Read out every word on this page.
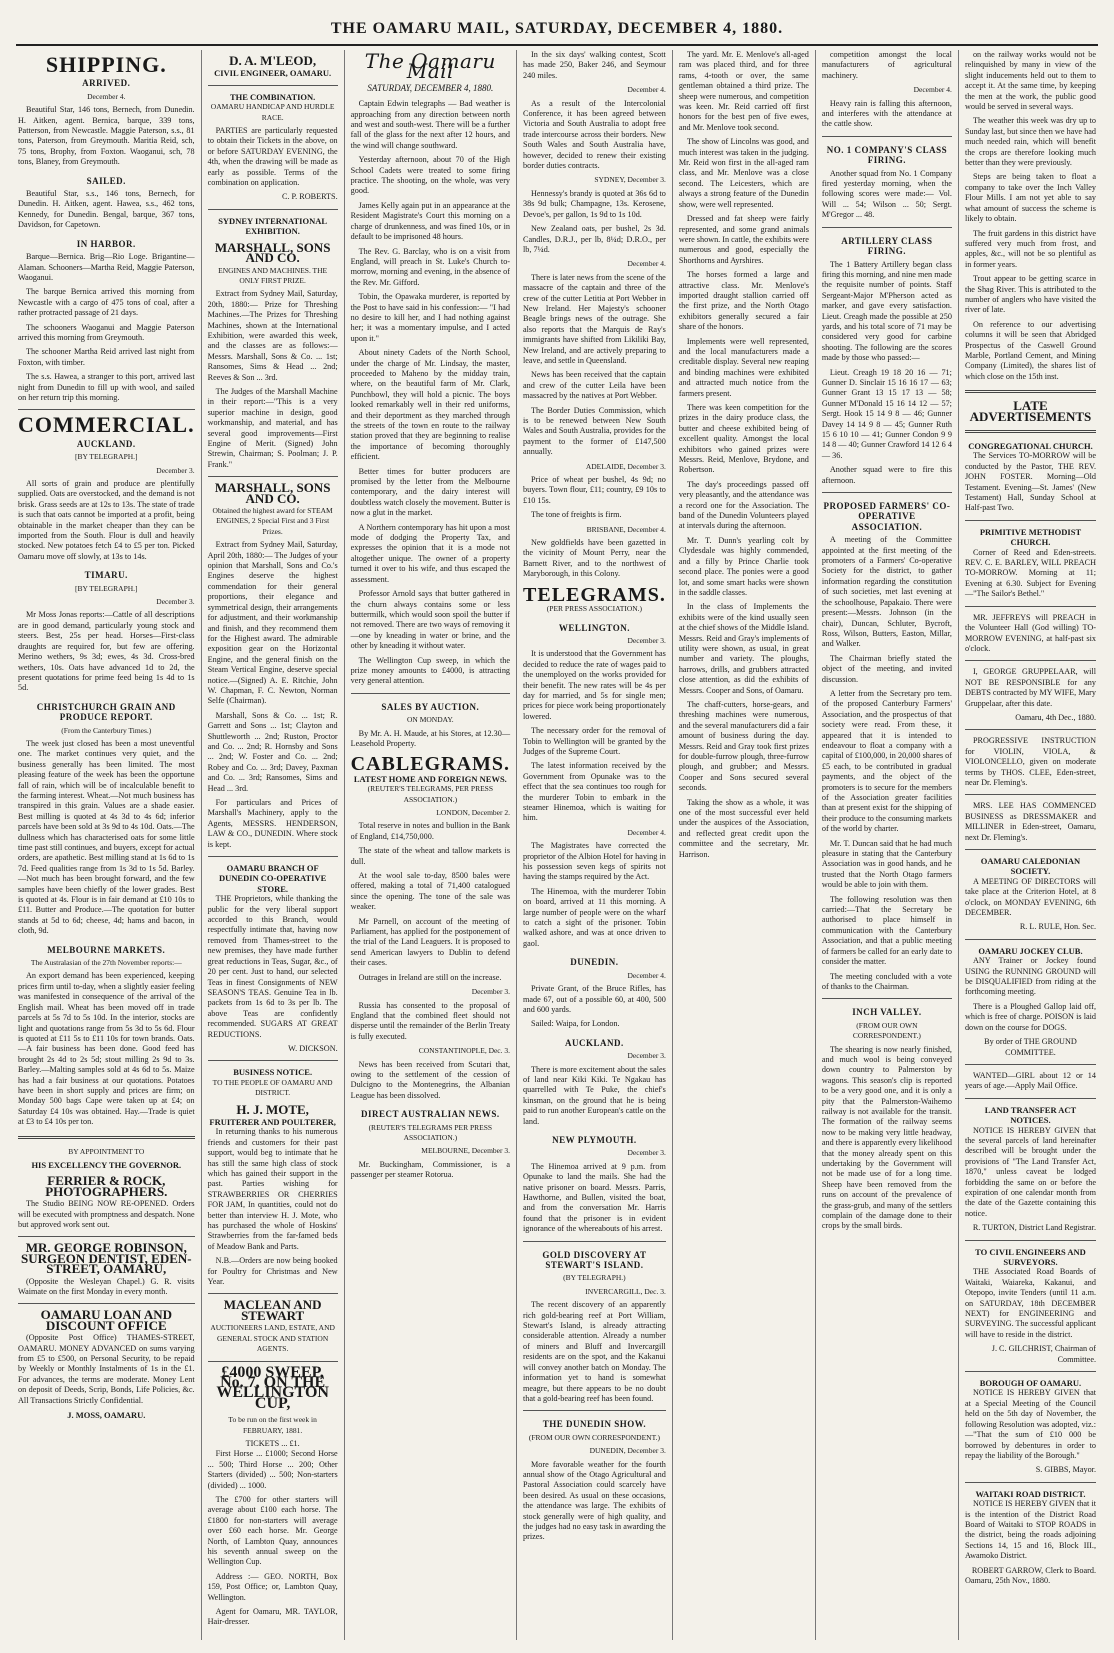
THE OAMARU MAIL, SATURDAY, DECEMBER 4, 1880.
SHIPPING.
ARRIVED.
December 4.

Beautiful Star, 146 tons, Bernech, from Dunedin. H. Aitken, agent. Bernica, barque, 339 tons, Patterson, from Newcastle. Maggie Paterson, s.s., 81 tons, Paterson, from Greymouth. Maritia Reid, sch, 75 tons, Brophy, from Foxton. Waoganui, sch, 78 tons, Blaney, from Greymouth.

SAILED.

Beautiful Star, s.s., 146 tons, Bernech, for Dunedin. H. Aitken, agent. Hawea, s.s., 462 tons, Kennedy, for Dunedin. Bengal, barque, 367 tons, Davidson, for Capetown.

IN HARBOR.

Barque—Bernica. Brig—Rio Loge. Brigantine—Alaman. Schooners—Martha Reid, Maggie Paterson, Waoganui.

The barque Bernica arrived this morning from Newcastle with a cargo of 475 tons of coal, after a rather protracted passage of 21 days.

The schooners Waoganui and Maggie Paterson arrived this morning from Greymouth.

The schooner Martha Reid arrived last night from Foxton, with timber.

The s.s. Hawea, a stranger to this port, arrived last night from Dunedin to fill up with wool, and sailed on her return trip this morning.

COMMERCIAL.
AUCKLAND.
[BY TELEGRAPH.]
December 3.

All sorts of grain and produce are plentifully supplied. Oats are overstocked, and the demand is not brisk. Grass seeds are at 12s to 13s. The state of trade is such that oats cannot be imported at a profit, being obtainable in the market cheaper than they can be imported from the South. Flour is dull and heavily stocked. New potatoes fetch £4 to £5 per ton. Picked Oamaru move off slowly, at 13s to 14s.

TIMARU.
[BY TELEGRAPH.]
December 3.

Mr Moss Jonas reports:—Cattle of all descriptions are in good demand, particularly young stock and steers. Best, 25s per head. Horses—First-class draughts are required for, but few are offering. Merino wethers, 9s 3d; ewes, 4s 3d. Cross-bred wethers, 10s. Oats have advanced 1d to 2d, the present quotations for prime feed being 1s 4d to 1s 5d.

CHRISTCHURCH GRAIN AND PRODUCE REPORT.
(From the Canterbury Times.)

The week just closed has been a most uneventful one. The market continues very quiet, and the business generally has been limited. The most pleasing feature of the week has been the opportune fall of rain, which will be of incalculable benefit to the farming interest. Wheat.—Not much business has transpired in this grain. Values are a shade easier. Best milling is quoted at 4s 3d to 4s 6d; inferior parcels have been sold at 3s 9d to 4s 10d. Oats.—The dullness which has characterised oats for some little time past still continues, and buyers, except for actual orders, are apathetic. Best milling stand at 1s 6d to 1s 7d. Feed qualities range from 1s 3d to 1s 5d. Barley.—Not much has been brought forward, and the few samples have been chiefly of the lower grades. Best is quoted at 4s. Flour is in fair demand at £10 10s to £11. Butter and Produce.—The quotation for butter stands at 5d to 6d; cheese, 4d; hams and bacon, in cloth, 9d.

MELBOURNE MARKETS.
The Australasian of the 27th November reports:—

An export demand has been experienced, keeping prices firm until to-day, when a slightly easier feeling was manifested in consequence of the arrival of the English mail. Wheat has been moved off in trade parcels at 5s 7d to 5s 10d. In the interior, stocks are light and quotations range from 5s 3d to 5s 6d. Flour is quoted at £11 5s to £11 10s for town brands. Oats.—A fair business has been done. Good feed has brought 2s 4d to 2s 5d; stout milling 2s 9d to 3s. Barley.—Malting samples sold at 4s 6d to 5s. Maize has had a fair business at our quotations. Potatoes have been in short supply and prices are firm; on Monday 500 bags Cape were taken up at £4; on Saturday £4 10s was obtained. Hay.—Trade is quiet at £3 to £4 10s per ton.

BY APPOINTMENT TO
HIS EXCELLENCY THE GOVERNOR.
FERRIER & ROCK, PHOTOGRAPHERS.

The Studio BEING NOW RE-OPENED. Orders will be executed with promptness and despatch. None but approved work sent out.

MR. GEORGE ROBINSON, SURGEON DENTIST, EDEN-STREET, OAMARU,

(Opposite the Wesleyan Chapel.) G. R. visits Waimate on the first Monday in every month.

OAMARU LOAN AND DISCOUNT OFFICE

(Opposite Post Office) THAMES-STREET, OAMARU. MONEY ADVANCED on sums varying from £5 to £500, on Personal Security, to be repaid by Weekly or Monthly Instalments of 1s in the £1. For advances, the terms are moderate. Money Lent on deposit of Deeds, Scrip, Bonds, Life Policies, &c. All Transactions Strictly Confidential.

J. MOSS, OAMARU.
D. A. M'LEOD,
CIVIL ENGINEER, OAMARU.
THE COMBINATION.
OAMARU HANDICAP AND HURDLE RACE.

PARTIES are particularly requested to obtain their Tickets in the above, on or before SATURDAY EVENING, the 4th, when the drawing will be made as early as possible. Terms of the combination on application.

C. P. ROBERTS.
SYDNEY INTERNATIONAL EXHIBITION.
MARSHALL, SONS AND CO.
ENGINES AND MACHINES. THE ONLY FIRST PRIZE.

Extract from Sydney Mail, Saturday, 20th, 1880:— Prize for Threshing Machines.—The Prizes for Threshing Machines, shown at the International Exhibition, were awarded this week, and the classes are as follows:— Messrs. Marshall, Sons & Co. ... 1st; Ransomes, Sims & Head ... 2nd; Reeves & Son ... 3rd.

The Judges of the Marshall Machine in their report:—"This is a very superior machine in design, good workmanship, and material, and has several good improvements—First Engine of Merit. (Signed) John Strewin, Chairman; S. Poolman; J. P. Frank."

MARSHALL, SONS AND CO.
Obtained the highest award for STEAM ENGINES, 2 Special First and 3 First Prizes.

Extract from Sydney Mail, Saturday, April 20th, 1880:— The Judges of your opinion that Marshall, Sons and Co.'s Engines deserve the highest commendation for their general proportions, their elegance and symmetrical design, their arrangements for adjustment, and their workmanship and finish, and they recommend them for the Highest award. The admirable exposition gear on the Horizontal Engine, and the general finish on the Steam Vertical Engine, deserve special notice.—(Signed) A. E. Ritchie, John W. Chapman, F. C. Newton, Norman Selfe (Chairman).

Marshall, Sons & Co. ... 1st; R. Garrett and Sons ... 1st; Clayton and Shuttleworth ... 2nd; Ruston, Proctor and Co. ... 2nd; R. Hornsby and Sons ... 2nd; W. Foster and Co. ... 2nd; Robey and Co. ... 3rd; Davey, Paxman and Co. ... 3rd; Ransomes, Sims and Head ... 3rd.

For particulars and Prices of Marshall's Machinery, apply to the Agents, MESSRS. HENDERSON, LAW & CO., DUNEDIN. Where stock is kept.

OAMARU BRANCH OF DUNEDIN CO-OPERATIVE STORE.

THE Proprietors, while thanking the public for the very liberal support accorded to this Branch, would respectfully intimate that, having now removed from Thames-street to the new premises, they have made further great reductions in Teas, Sugar, &c., of 20 per cent. Just to hand, our selected Teas in finest Consignments of NEW SEASON'S TEAS. Genuine Tea in lb. packets from 1s 6d to 3s per lb. The above Teas are confidently recommended. SUGARS AT GREAT REDUCTIONS.

W. DICKSON.
BUSINESS NOTICE.
TO THE PEOPLE OF OAMARU AND DISTRICT.
H. J. MOTE,
FRUITERER AND POULTERER,

In returning thanks to his numerous friends and customers for their past support, would beg to intimate that he has still the same high class of stock which has gained their support in the past. Parties wishing for STRAWBERRIES OR CHERRIES FOR JAM, In quantities, could not do better than interview H. J. Mote, who has purchased the whole of Hoskins' Strawberries from the far-famed beds of Meadow Bank and Parts.

N.B.—Orders are now being booked for Poultry for Christmas and New Year.

MACLEAN AND STEWART
AUCTIONEERS LAND, ESTATE, AND GENERAL STOCK AND STATION AGENTS.
£4000 SWEEP, No. 7, ON THE WELLINGTON CUP,
To be run on the first week in FEBRUARY, 1881.
TICKETS ... £1.

First Horse ... £1000; Second Horse ... 500; Third Horse ... 200; Other Starters (divided) ... 500; Non-starters (divided) ... 1000.

The £700 for other starters will average about £100 each horse. The £1800 for non-starters will average over £60 each horse. Mr. George North, of Lambton Quay, announces his seventh annual sweep on the Wellington Cup.

Address :— GEO. NORTH, Box 159, Post Office; or, Lambton Quay, Wellington.

Agent for Oamaru, MR. TAYLOR, Hair-dresser.

The Oamaru Mail
SATURDAY, DECEMBER 4, 1880.

Captain Edwin telegraphs — Bad weather is approaching from any direction between north and west and south-west. There will be a further fall of the glass for the next after 12 hours, and the wind will change southward.

Yesterday afternoon, about 70 of the High School Cadets were treated to some firing practice. The shooting, on the whole, was very good.

James Kelly again put in an appearance at the Resident Magistrate's Court this morning on a charge of drunkenness, and was fined 10s, or in default to be imprisoned 48 hours.

The Rev. G. Barclay, who is on a visit from England, will preach in St. Luke's Church to-morrow, morning and evening, in the absence of the Rev. Mr. Gifford.

Tobin, the Opawaka murderer, is reported by the Post to have said in his confession:— "I had no desire to kill her, and I had nothing against her; it was a momentary impulse, and I acted upon it."

About ninety Cadets of the North School, under the charge of Mr. Lindsay, the master, proceeded to Maheno by the midday train, where, on the beautiful farm of Mr. Clark, Punchbowl, they will hold a picnic. The boys looked remarkably well in their red uniforms, and their deportment as they marched through the streets of the town en route to the railway station proved that they are beginning to realise the importance of becoming thoroughly efficient.

Better times for butter producers are promised by the letter from the Melbourne contemporary, and the dairy interest will doubtless watch closely the movement. Butter is now a glut in the market.

A Northern contemporary has hit upon a most mode of dodging the Property Tax, and expresses the opinion that it is a mode not altogether unique. The owner of a property turned it over to his wife, and thus escaped the assessment.

Professor Arnold says that butter gathered in the churn always contains some or less buttermilk, which would soon spoil the butter if not removed. There are two ways of removing it—one by kneading in water or brine, and the other by kneading it without water.

The Wellington Cup sweep, in which the prize money amounts to £4000, is attracting very general attention.

SALES BY AUCTION.
ON MONDAY.

By Mr. A. H. Maude, at his Stores, at 12.30—Leasehold Property.

CABLEGRAMS.
LATEST HOME AND FOREIGN NEWS.
(REUTER'S TELEGRAMS, PER PRESS ASSOCIATION.)
LONDON, December 2.

Total reserve in notes and bullion in the Bank of England, £14,750,000.

The state of the wheat and tallow markets is dull.

At the wool sale to-day, 8500 bales were offered, making a total of 71,400 catalogued since the opening. The tone of the sale was weaker.

Mr Parnell, on account of the meeting of Parliament, has applied for the postponement of the trial of the Land Leaguers. It is proposed to send American lawyers to Dublin to defend their cases.

Outrages in Ireland are still on the increase.

December 3.

Russia has consented to the proposal of England that the combined fleet should not disperse until the remainder of the Berlin Treaty is fully executed.

CONSTANTINOPLE, Dec. 3.

News has been received from Scutari that, owing to the settlement of the cession of Dulcigno to the Montenegrins, the Albanian League has been dissolved.

DIRECT AUSTRALIAN NEWS.
(REUTER'S TELEGRAMS PER PRESS ASSOCIATION.)
MELBOURNE, December 3.

Mr. Buckingham, Commissioner, is a passenger per steamer Rotorua.

In the six days' walking contest, Scott has made 250, Baker 246, and Seymour 240 miles.

December 4.

As a result of the Intercolonial Conference, it has been agreed between Victoria and South Australia to adopt free trade intercourse across their borders. New South Wales and South Australia have, however, decided to renew their existing border duties contracts.

SYDNEY, December 3.

Hennessy's brandy is quoted at 36s 6d to 38s 9d bulk; Champagne, 13s. Kerosene, Devoe's, per gallon, 1s 9d to 1s 10d.

New Zealand oats, per bushel, 2s 3d. Candles, D.R.J., per lb, 8¼d; D.R.O., per lb, 7¼d.

December 4.

There is later news from the scene of the massacre of the captain and three of the crew of the cutter Letitia at Port Webber in New Ireland. Her Majesty's schooner Beagle brings news of the outrage. She also reports that the Marquis de Ray's immigrants have shifted from Likiliki Bay, New Ireland, and are actively preparing to leave, and settle in Queensland.

News has been received that the captain and crew of the cutter Leila have been massacred by the natives at Port Webber.

The Border Duties Commission, which is to be renewed between New South Wales and South Australia, provides for the payment to the former of £147,500 annually.

ADELAIDE, December 3.

Price of wheat per bushel, 4s 9d; no buyers. Town flour, £11; country, £9 10s to £10 15s.

The tone of freights is firm.

BRISBANE, December 4.

New goldfields have been gazetted in the vicinity of Mount Perry, near the Barnett River, and to the northwest of Maryborough, in this Colony.

TELEGRAMS.
(PER PRESS ASSOCIATION.)
WELLINGTON.
December 3.

It is understood that the Government has decided to reduce the rate of wages paid to the unemployed on the works provided for their benefit. The new rates will be 4s per day for married, and 5s for single men; prices for piece work being proportionately lowered.

The necessary order for the removal of Tobin to Wellington will be granted by the Judges of the Supreme Court.

The latest information received by the Government from Opunake was to the effect that the sea continues too rough for the murderer Tobin to embark in the steamer Hinemoa, which is waiting for him.

December 4.

The Magistrates have corrected the proprietor of the Albion Hotel for having in his possession seven kegs of spirits not having the stamps required by the Act.

The Hinemoa, with the murderer Tobin on board, arrived at 11 this morning. A large number of people were on the wharf to catch a sight of the prisoner. Tobin walked ashore, and was at once driven to gaol.

DUNEDIN.
December 4.

Private Grant, of the Bruce Rifles, has made 67, out of a possible 60, at 400, 500 and 600 yards.

Sailed: Waipa, for London.

AUCKLAND.
December 3.

There is more excitement about the sales of land near Kiki Kiki. Te Ngakau has quarrelled with Te Puke, the chief's kinsman, on the ground that he is being paid to run another European's cattle on the land.

NEW PLYMOUTH.
December 3.

The Hinemoa arrived at 9 p.m. from Opunake to land the mails. She had the native prisoner on board. Messrs. Parris, Hawthorne, and Bullen, visited the boat, and from the conversation Mr. Harris found that the prisoner is in evident ignorance of the whereabouts of his arrest.

GOLD DISCOVERY AT STEWART'S ISLAND.
(BY TELEGRAPH.)
INVERCARGILL, Dec. 3.

The recent discovery of an apparently rich gold-bearing reef at Port William, Stewart's Island, is already attracting considerable attention. Already a number of miners and Bluff and Invercargill residents are on the spot, and the Kakanui will convey another batch on Monday. The information yet to hand is somewhat meagre, but there appears to be no doubt that a gold-bearing reef has been found.

THE DUNEDIN SHOW.
(FROM OUR OWN CORRESPONDENT.)
DUNEDIN, December 3.

More favorable weather for the fourth annual show of the Otago Agricultural and Pastoral Association could scarcely have been desired. As usual on these occasions, the attendance was large. The exhibits of stock generally were of high quality, and the judges had no easy task in awarding the prizes.

The yard. Mr. E. Menlove's all-aged ram was placed third, and for three rams, 4-tooth or over, the same gentleman obtained a third prize. The sheep were numerous, and competition was keen. Mr. Reid carried off first honors for the best pen of five ewes, and Mr. Menlove took second.

The show of Lincolns was good, and much interest was taken in the judging. Mr. Reid won first in the all-aged ram class, and Mr. Menlove was a close second. The Leicesters, which are always a strong feature of the Dunedin show, were well represented.

Dressed and fat sheep were fairly represented, and some grand animals were shown. In cattle, the exhibits were numerous and good, especially the Shorthorns and Ayrshires.

The horses formed a large and attractive class. Mr. Menlove's imported draught stallion carried off the first prize, and the North Otago exhibitors generally secured a fair share of the honors.

Implements were well represented, and the local manufacturers made a creditable display. Several new reaping and binding machines were exhibited and attracted much notice from the farmers present.

There was keen competition for the prizes in the dairy produce class, the butter and cheese exhibited being of excellent quality. Amongst the local exhibitors who gained prizes were Messrs. Reid, Menlove, Brydone, and Robertson.

The day's proceedings passed off very pleasantly, and the attendance was a record one for the Association. The band of the Dunedin Volunteers played at intervals during the afternoon.

Mr. T. Dunn's yearling colt by Clydesdale was highly commended, and a filly by Prince Charlie took second place. The ponies were a good lot, and some smart hacks were shown in the saddle classes.

In the class of Implements the exhibits were of the kind usually seen at the chief shows of the Middle Island. Messrs. Reid and Gray's implements of utility were shown, as usual, in great number and variety. The ploughs, harrows, drills, and grubbers attracted close attention, as did the exhibits of Messrs. Cooper and Sons, of Oamaru.

The chaff-cutters, horse-gears, and threshing machines were numerous, and the several manufacturers did a fair amount of business during the day. Messrs. Reid and Gray took first prizes for double-furrow plough, three-furrow plough, and grubber; and Messrs. Cooper and Sons secured several seconds.

Taking the show as a whole, it was one of the most successful ever held under the auspices of the Association, and reflected great credit upon the committee and the secretary, Mr. Harrison.

competition amongst the local manufacturers of agricultural machinery.

December 4.

Heavy rain is falling this afternoon, and interferes with the attendance at the cattle show.

NO. 1 COMPANY'S CLASS FIRING.

Another squad from No. 1 Company fired yesterday morning, when the following scores were made:— Vol. Will ... 54; Wilson ... 50; Sergt. M'Gregor ... 48.

ARTILLERY CLASS FIRING.

The 1 Battery Artillery began class firing this morning, and nine men made the requisite number of points. Staff Sergeant-Major M'Pherson acted as marker, and gave every satisfaction. Lieut. Creagh made the possible at 250 yards, and his total score of 71 may be considered very good for carbine shooting. The following are the scores made by those who passed:—

Lieut. Creagh 19 18 20 16 — 71; Gunner D. Sinclair 15 16 16 17 — 63; Gunner Grant 13 15 17 13 — 58; Gunner M'Donald 15 16 14 12 — 57; Sergt. Hook 15 14 9 8 — 46; Gunner Davey 14 14 9 8 — 45; Gunner Ruth 15 6 10 10 — 41; Gunner Condon 9 9 14 8 — 40; Gunner Crawford 14 12 6 4 — 36.

Another squad were to fire this afternoon.

PROPOSED FARMERS' CO-OPERATIVE ASSOCIATION.

A meeting of the Committee appointed at the first meeting of the promoters of a Farmers' Co-operative Society for the district, to gather information regarding the constitution of such societies, met last evening at the schoolhouse, Papakaio. There were present:—Messrs. Johnson (in the chair), Duncan, Schluter, Bycroft, Ross, Wilson, Butters, Easton, Millar, and Walker.

The Chairman briefly stated the object of the meeting, and invited discussion.

A letter from the Secretary pro tem. of the proposed Canterbury Farmers' Association, and the prospectus of that society were read. From these, it appeared that it is intended to endeavour to float a company with a capital of £100,000, in 20,000 shares of £5 each, to be contributed in gradual payments, and the object of the promoters is to secure for the members of the Association greater facilities than at present exist for the shipping of their produce to the consuming markets of the world by charter.

Mr. T. Duncan said that he had much pleasure in stating that the Canterbury Association was in good hands, and he trusted that the North Otago farmers would be able to join with them.

The following resolution was then carried:—That the Secretary be authorised to place himself in communication with the Canterbury Association, and that a public meeting of farmers be called for an early date to consider the matter.

The meeting concluded with a vote of thanks to the Chairman.

INCH VALLEY.
(FROM OUR OWN CORRESPONDENT.)

The shearing is now nearly finished, and much wool is being conveyed down country to Palmerston by wagons. This season's clip is reported to be a very good one, and it is only a pity that the Palmerston-Waihemo railway is not available for the transit. The formation of the railway seems now to be making very little headway, and there is apparently every likelihood that the money already spent on this undertaking by the Government will not be made use of for a long time. Sheep have been removed from the runs on account of the prevalence of the grass-grub, and many of the settlers complain of the damage done to their crops by the small birds.

on the railway works would not be relinquished by many in view of the slight inducements held out to them to accept it. At the same time, by keeping the men at the work, the public good would be served in several ways.

The weather this week was dry up to Sunday last, but since then we have had much needed rain, which will benefit the crops are therefore looking much better than they were previously.

Steps are being taken to float a company to take over the Inch Valley Flour Mills. I am not yet able to say what amount of success the scheme is likely to obtain.

The fruit gardens in this district have suffered very much from frost, and apples, &c., will not be so plentiful as in former years.

Trout appear to be getting scarce in the Shag River. This is attributed to the number of anglers who have visited the river of late.

On reference to our advertising columns it will be seen that Abridged Prospectus of the Caswell Ground Marble, Portland Cement, and Mining Company (Limited), the shares list of which close on the 15th inst.

LATE ADVERTISEMENTS
CONGREGATIONAL CHURCH.

The Services TO-MORROW will be conducted by the Pastor, THE REV. JOHN FOSTER. Morning—Old Testament. Evening—St. James' (New Testament) Hall, Sunday School at Half-past Two.

PRIMITIVE METHODIST CHURCH.

Corner of Reed and Eden-streets. REV. C. E. BARLEY, WILL PREACH TO-MORROW. Morning at 11; Evening at 6.30. Subject for Evening—"The Sailor's Bethel."

MR. JEFFREYS will PREACH in the Volunteer Hall (God willing) TO-MORROW EVENING, at half-past six o'clock.

I, GEORGE GRUPPELAAR, will NOT BE RESPONSIBLE for any DEBTS contracted by MY WIFE, Mary Gruppelaar, after this date.

Oamaru, 4th Dec., 1880.

PROGRESSIVE INSTRUCTION for VIOLIN, VIOLA, & VIOLONCELLO, given on moderate terms by THOS. CLEE, Eden-street, near Dr. Fleming's.

MRS. LEE HAS COMMENCED BUSINESS as DRESSMAKER and MILLINER in Eden-street, Oamaru, next Dr. Fleming's.

OAMARU CALEDONIAN SOCIETY.

A MEETING OF DIRECTORS will take place at the Criterion Hotel, at 8 o'clock, on MONDAY EVENING, 6th DECEMBER.

R. L. RULE, Hon. Sec.
OAMARU JOCKEY CLUB.

ANY Trainer or Jockey found USING the RUNNING GROUND will be DISQUALIFIED from riding at the forthcoming meeting.

There is a Ploughed Gallop laid off, which is free of charge. POISON is laid down on the course for DOGS.

By order of THE GROUND COMMITTEE.

WANTED—GIRL about 12 or 14 years of age.—Apply Mail Office.

LAND TRANSFER ACT NOTICES.

NOTICE IS HEREBY GIVEN that the several parcels of land hereinafter described will be brought under the provisions of "The Land Transfer Act, 1870," unless caveat be lodged forbidding the same on or before the expiration of one calendar month from the date of the Gazette containing this notice.

R. TURTON, District Land Registrar.
TO CIVIL ENGINEERS AND SURVEYORS.

THE Associated Road Boards of Waitaki, Waiareka, Kakanui, and Otepopo, invite Tenders (until 11 a.m. on SATURDAY, 18th DECEMBER NEXT) for ENGINEERING and SURVEYING. The successful applicant will have to reside in the district.

J. C. GILCHRIST, Chairman of Committee.
BOROUGH OF OAMARU.

NOTICE IS HEREBY GIVEN that at a Special Meeting of the Council held on the 5th day of November, the following Resolution was adopted, viz.:—"That the sum of £10 000 be borrowed by debentures in order to repay the liability of the Borough."

S. GIBBS, Mayor.
WAITAKI ROAD DISTRICT.

NOTICE IS HEREBY GIVEN that it is the intention of the District Road Board of Waitaki to STOP ROADS in the district, being the roads adjoining Sections 14, 15 and 16, Block III., Awamoko District.

ROBERT GARROW, Clerk to Board.
Oamaru, 25th Nov., 1880.
